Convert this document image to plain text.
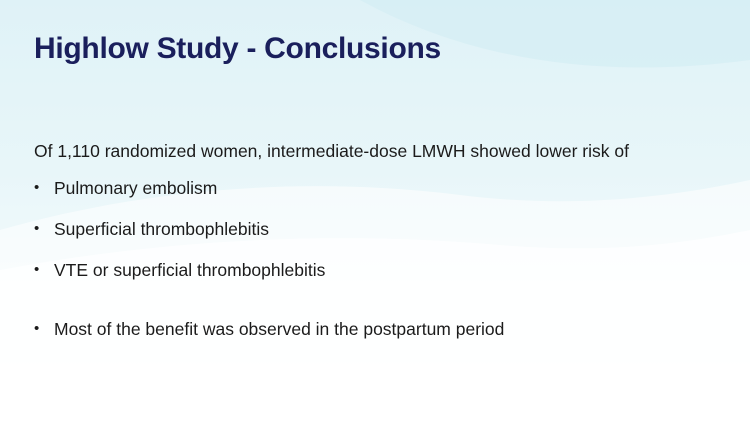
Highlow Study - Conclusions

Of 1,110 randomized women, intermediate-dose LMWH showed lower risk of

• Pulmonary embolism
• Superficial thrombophlebitis
• VTE or superficial thrombophlebitis
• Most of the benefit was observed in the postpartum period
